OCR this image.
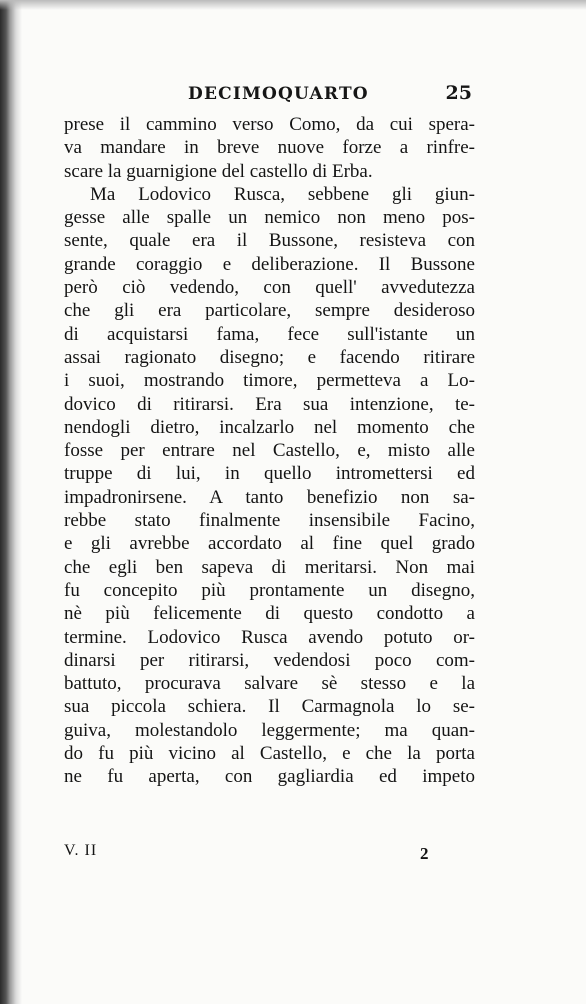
DECIMOQUARTO	25
prese il cammino verso Como, da cui spera-
va mandare in breve nuove forze a rinfre-
scare la guarnigione del castello di Erba.
Ma Lodovico Rusca, sebbene gli giun-
gesse alle spalle un nemico non meno pos-
sente, quale era il Bussone, resisteva con
grande coraggio e deliberazione. Il Bussone
però ciò vedendo, con quell' avvedutezza
che gli era particolare, sempre desideroso
di acquistarsi fama, fece sull'istante un
assai ragionato disegno; e facendo ritirare
i suoi, mostrando timore, permetteva a Lo-
dovico di ritirarsi. Era sua intenzione, te-
nendogli dietro, incalzarlo nel momento che
fosse per entrare nel Castello, e, misto alle
truppe di lui, in quello intromettersi ed
impadronirsene. A tanto benefizio non sa-
rebbe stato finalmente insensibile Facino,
e gli avrebbe accordato al fine quel grado
che egli ben sapeva di meritarsi. Non mai
fu concepito più prontamente un disegno,
nè più felicemente di questo condotto a
termine. Lodovico Rusca avendo potuto or-
dinarsi per ritirarsi, vedendosi poco com-
battuto, procurava salvare sè stesso e la
sua piccola schiera. Il Carmagnola lo se-
guiva, molestandolo leggermente; ma quan-
do fu più vicino al Castello, e che la porta
ne fu aperta, con gagliardia ed impeto
V. II	2
